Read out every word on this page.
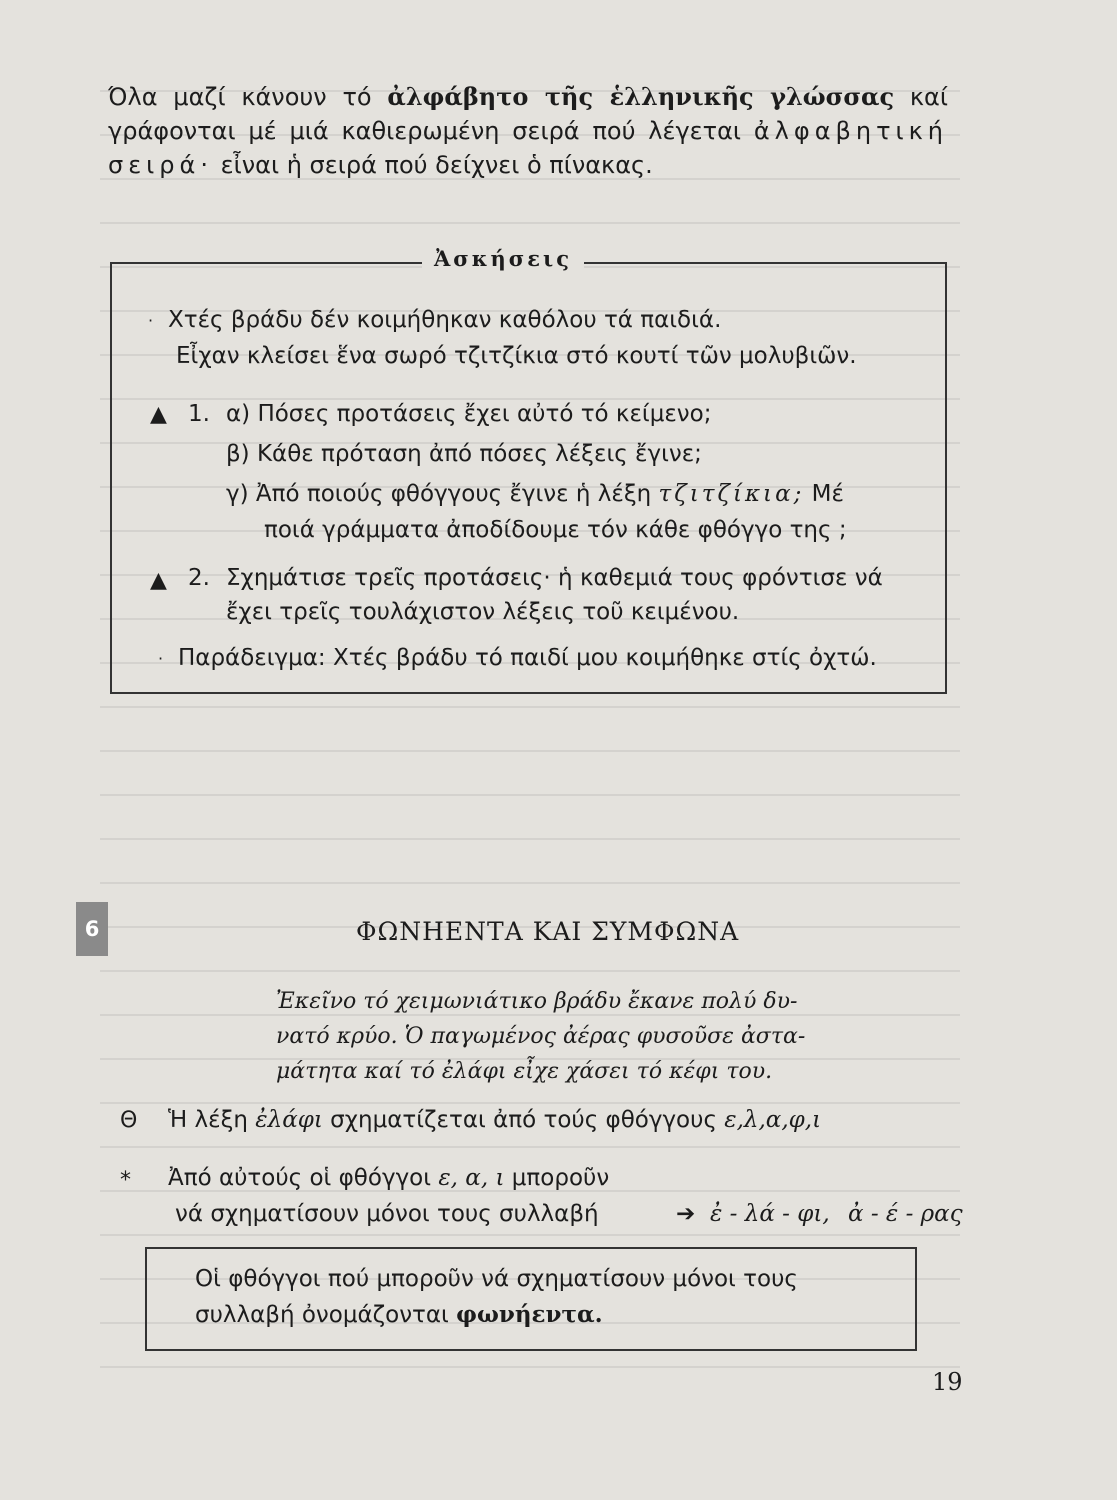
Όλα μαζί κάνουν τό ἀλφάβητο τῆς ἑλληνικῆς γλώσσας καί γράφονται μέ μιά καθιερωμένη σειρά πού λέγεται ἀλφαβητική σειρά· εἶναι ἡ σειρά πού δείχνει ὁ πίνακας.
Ἀσκήσεις
· Χτές βράδυ δέν κοιμήθηκαν καθόλου τά παιδιά.
Εἶχαν κλείσει ἕνα σωρό τζιτζίκια στό κουτί τῶν μολυβιῶν.
▲ 1. α) Πόσες προτάσεις ἔχει αὐτό τό κείμενο;
β) Κάθε πρόταση ἀπό πόσες λέξεις ἔγινε;
γ) Ἀπό ποιούς φθόγγους ἔγινε ἡ λέξη τζιτζίκια; Μέ
ποιά γράμματα ἀποδίδουμε τόν κάθε φθόγγο της ;
▲ 2. Σχημάτισε τρεῖς προτάσεις· ἡ καθεμιά τους φρόντισε νά
ἔχει τρεῖς τουλάχιστον λέξεις τοῦ κειμένου.
· Παράδειγμα: Χτές βράδυ τό παιδί μου κοιμήθηκε στίς ὀχτώ.
6	ΦΩΝΗΕΝΤΑ ΚΑΙ ΣΥΜΦΩΝΑ
Ἐκεῖνο τό χειμωνιάτικο βράδυ ἔκανε πολύ δυ-
νατό κρύο. Ὁ παγωμένος ἀέρας φυσοῦσε ἀστα-
μάτητα καί τό ἐλάφι εἶχε χάσει τό κέφι του.
Θ Ἡ λέξη ἐλάφι σχηματίζεται ἀπό τούς φθόγγους ε,λ,α,φ,ι
* Ἀπό αὐτούς οἱ φθόγγοι ε, α, ι μποροῦν
νά σχηματίσουν μόνοι τους συλλαβή	➔ ἐ - λά - φι, ἀ - έ - ρας
Οἱ φθόγγοι πού μποροῦν νά σχηματίσουν μόνοι τους
συλλαβή ὀνομάζονται φωνήεντα.
19
